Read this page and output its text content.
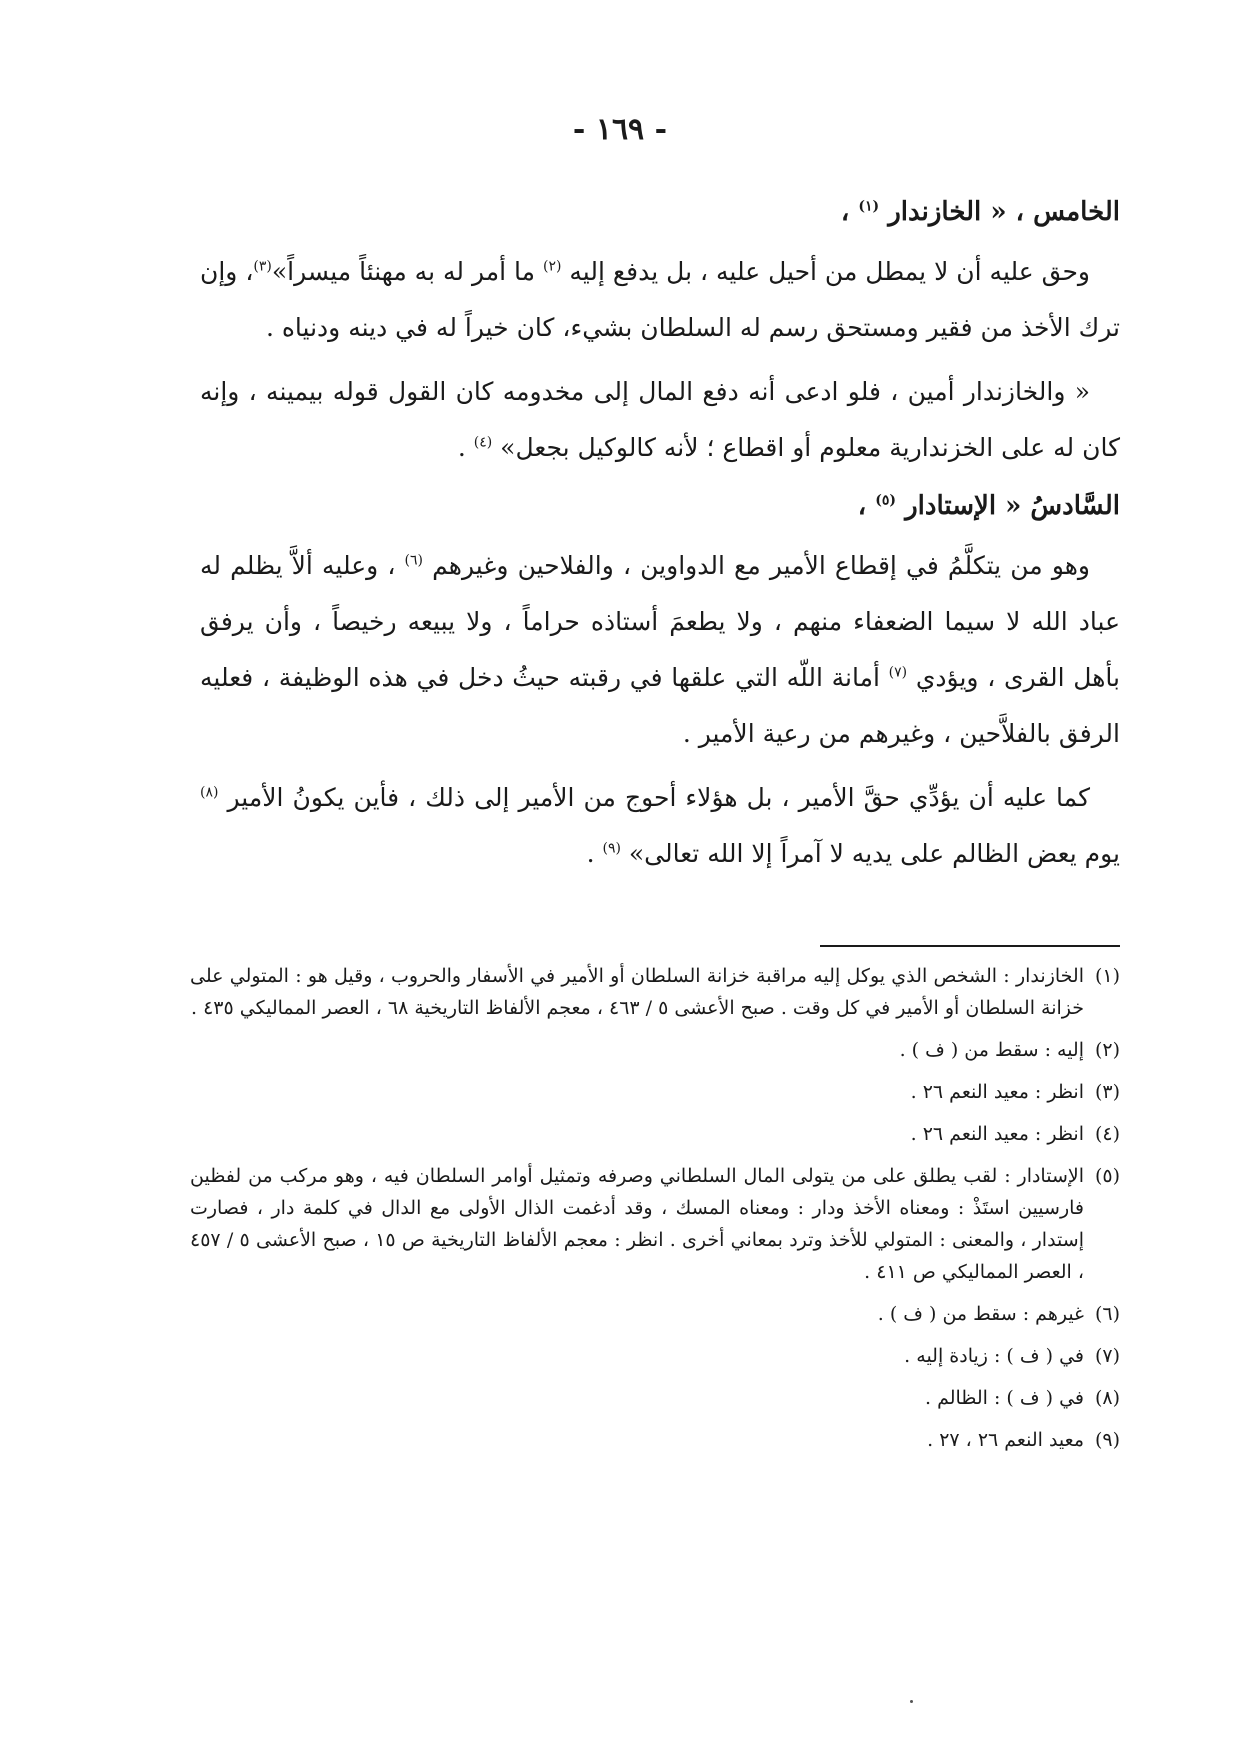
- ١٦٩ -
الخامس ، « الخازندار $^{(١)}$ ،

وحق عليه أن لا يمطل من أحيل عليه ، بل يدفع إليه $^{(٢)}$ ما أمر له به مهنئاً ميسراً»$^{(٣)}$، وإن ترك الأخذ من فقير ومستحق رسم له السلطان بشيء، كان خيراً له في دينه ودنياه .

« والخازندار أمين ، فلو ادعى أنه دفع المال إلى مخدومه كان القول قوله بيمينه ، وإنه كان له على الخزندارية معلوم أو اقطاع ؛ لأنه كالوكيل بجعل» $^{(٤)}$ .

السَّادسُ « الإستادار $^{(٥)}$ ،

وهو من يتكلَّمُ في إقطاع الأمير مع الدواوين ، والفلاحين وغيرهم $^{(٦)}$ ، وعليه ألاَّ يظلم له عباد الله لا سيما الضعفاء منهم ، ولا يطعمَ أستاذه حراماً ، ولا يبيعه رخيصاً ، وأن يرفق بأهل القرى ، ويؤدي $^{(٧)}$ أمانة اللّه التي علقها في رقبته حيثُ دخل في هذه الوظيفة ، فعليه الرفق بالفلاَّحين ، وغيرهم من رعية الأمير .

كما عليه أن يؤدِّي حقَّ الأمير ، بل هؤلاء أحوج من الأمير إلى ذلك ، فأين يكونُ الأمير $^{(٨)}$ يوم يعض الظالم على يديه لا آمراً إلا الله تعالى» $^{(٩)}$ .

(١)الخازندار : الشخص الذي يوكل إليه مراقبة خزانة السلطان أو الأمير في الأسفار والحروب ، وقيل هو : المتولي على خزانة السلطان أو الأمير في كل وقت . صبح الأعشى ٥ / ٤٦٣ ، معجم الألفاظ التاريخية ٦٨ ، العصر المماليكي ٤٣٥ .

(٢)إليه : سقط من ( ف ) .

(٣)انظر : معيد النعم ٢٦ .

(٤)انظر : معيد النعم ٢٦ .

(٥)الإستادار : لقب يطلق على من يتولى المال السلطاني وصرفه وتمثيل أوامر السلطان فيه ، وهو مركب من لفظين فارسيين استَذْ : ومعناه الأخذ ودار : ومعناه المسك ، وقد أدغمت الذال الأولى مع الدال في كلمة دار ، فصارت إستدار ، والمعنى : المتولي للأخذ وترد بمعاني أخرى . انظر : معجم الألفاظ التاريخية ص ١٥ ، صبح الأعشى ٥ / ٤٥٧ ، العصر المماليكي ص ٤١١ .

(٦)غيرهم : سقط من ( ف ) .

(٧)في ( ف ) : زيادة إليه .

(٨)في ( ف ) : الظالم .

(٩)معيد النعم ٢٦ ، ٢٧ .
